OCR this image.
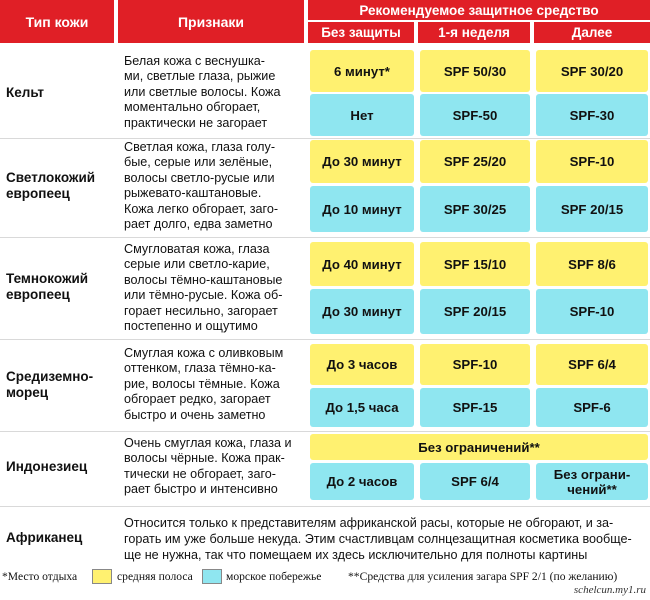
Тип кожи	Признаки
Рекомендуемое защитное средство
Без защиты	1-я неделя	Далее
Кельт
Белая кожа с веснушка-
ми, светлые глаза, рыжие
или светлые волосы. Кожа
моментально обгорает,
практически не загорает
6 минут*	SPF 50/30	SPF 30/20
Нет	SPF-50	SPF-30
Светлокожий
европеец
Светлая кожа, глаза голу-
бые, серые или зелёные,
волосы светло-русые или
рыжевато-каштановые.
Кожа легко обгорает, заго-
рает долго, едва заметно
До 30 минут	SPF 25/20	SPF-10
До 10 минут	SPF 30/25	SPF 20/15
Темнокожий
европеец
Смугловатая кожа, глаза
серые или светло-карие,
волосы тёмно-каштановые
или тёмно-русые. Кожа об-
горает несильно, загорает
постепенно и ощутимо
До 40 минут	SPF 15/10	SPF 8/6
До 30 минут	SPF 20/15	SPF-10
Средиземно-
морец
Смуглая кожа с оливковым
оттенком, глаза тёмно-ка-
рие, волосы тёмные. Кожа
обгорает редко, загорает
быстро и очень заметно
До 3 часов	SPF-10	SPF 6/4
До 1,5 часа	SPF-15	SPF-6
Индонезиец
Очень смуглая кожа, глаза и
волосы чёрные. Кожа прак-
тически не обгорает, заго-
рает быстро и интенсивно
Без ограничений**
До 2 часов	SPF 6/4	Без ограни-
чений**
Африканец
Относится только к представителям африканской расы, которые не обгорают, и за-
горать им уже больше некуда. Этим счастливцам солнцезащитная косметика вообще-
ще не нужна, так что помещаем их здесь исключительно для полноты картины
*Место отдыха	средняя полоса	морское побережье **Средства для усиления загара SPF 2/1 (по желанию)
schelcun.my1.ru
